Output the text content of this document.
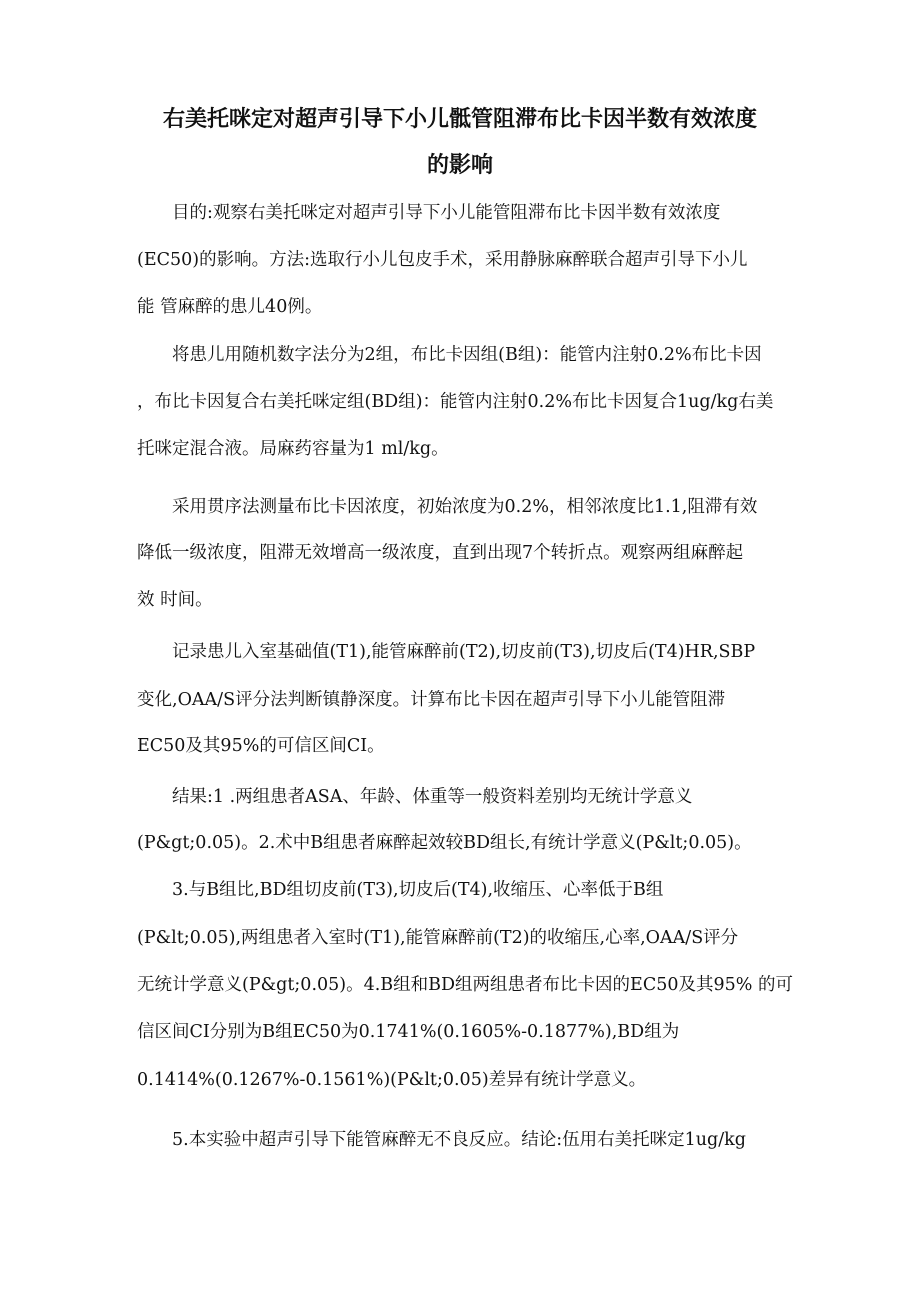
右美托咪定对超声引导下小儿骶管阻滞布比卡因半数有效浓度
的影响
目的:观察右美托咪定对超声引导下小儿能管阻滞布比卡因半数有效浓度
(EC50)的影响。方法:选取行小儿包皮手术，采用静脉麻醉联合超声引导下小儿
能 管麻醉的患儿40例。
将患儿用随机数字法分为2组，布比卡因组(B组)：能管内注射0.2%布比卡因
，布比卡因复合右美托咪定组(BD组)：能管内注射0.2%布比卡因复合1ug/kg右美
托咪定混合液。局麻药容量为1 ml/kg。
采用贯序法测量布比卡因浓度，初始浓度为0.2%，相邻浓度比1.1,阻滞有效
降低一级浓度，阻滞无效增高一级浓度，直到出现7个转折点。观察两组麻醉起
效 时间。
记录患儿入室基础值(T1),能管麻醉前(T2),切皮前(T3),切皮后(T4)HR,SBP
变化,OAA/S评分法判断镇静深度。计算布比卡因在超声引导下小儿能管阻滞
EC50及其95%的可信区间CI。
结果:1 .两组患者ASA、年龄、体重等一般资料差别均无统计学意义
(P&gt;0.05)。2.术中B组患者麻醉起效较BD组长,有统计学意义(P&lt;0.05)。
3.与B组比,BD组切皮前(T3),切皮后(T4),收缩压、心率低于B组
(P&lt;0.05),两组患者入室时(T1),能管麻醉前(T2)的收缩压,心率,OAA/S评分
无统计学意义(P&gt;0.05)。4.B组和BD组两组患者布比卡因的EC50及其95% 的可
信区间CI分别为B组EC50为0.1741%(0.1605%-0.1877%),BD组为
0.1414%(0.1267%-0.1561%)(P&lt;0.05)差异有统计学意义。
5.本实验中超声引导下能管麻醉无不良反应。结论:伍用右美托咪定1ug/kg
